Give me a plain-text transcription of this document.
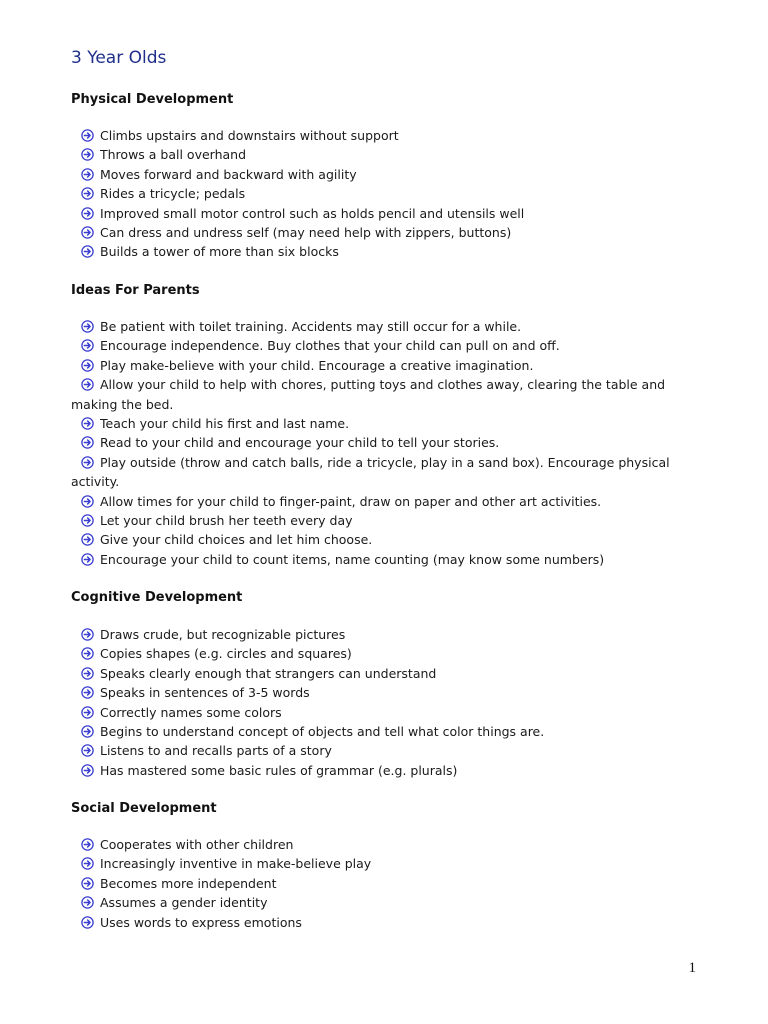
3 Year Olds
Physical Development
Climbs upstairs and downstairs without support
Throws a ball overhand
Moves forward and backward with agility
Rides a tricycle; pedals
Improved small motor control such as holds pencil and utensils well
Can dress and undress self (may need help with zippers, buttons)
Builds a tower of more than six blocks
Ideas For Parents
Be patient with toilet training. Accidents may still occur for a while.
Encourage independence. Buy clothes that your child can pull on and off.
Play make-believe with your child. Encourage a creative imagination.
Allow your child to help with chores, putting toys and clothes away, clearing the table and making the bed.
Teach your child his first and last name.
Read to your child and encourage your child to tell your stories.
Play outside (throw and catch balls, ride a tricycle, play in a sand box). Encourage physical activity.
Allow times for your child to finger-paint, draw on paper and other art activities.
Let your child brush her teeth every day
Give your child choices and let him choose.
Encourage your child to count items, name counting (may know some numbers)
Cognitive Development
Draws crude, but recognizable pictures
Copies shapes (e.g. circles and squares)
Speaks clearly enough that strangers can understand
Speaks in sentences of 3-5 words
Correctly names some colors
Begins to understand concept of objects and tell what color things are.
Listens to and recalls parts of a story
Has mastered some basic rules of grammar (e.g. plurals)
Social Development
Cooperates with other children
Increasingly inventive in make-believe play
Becomes more independent
Assumes a gender identity
Uses words to express emotions
1
